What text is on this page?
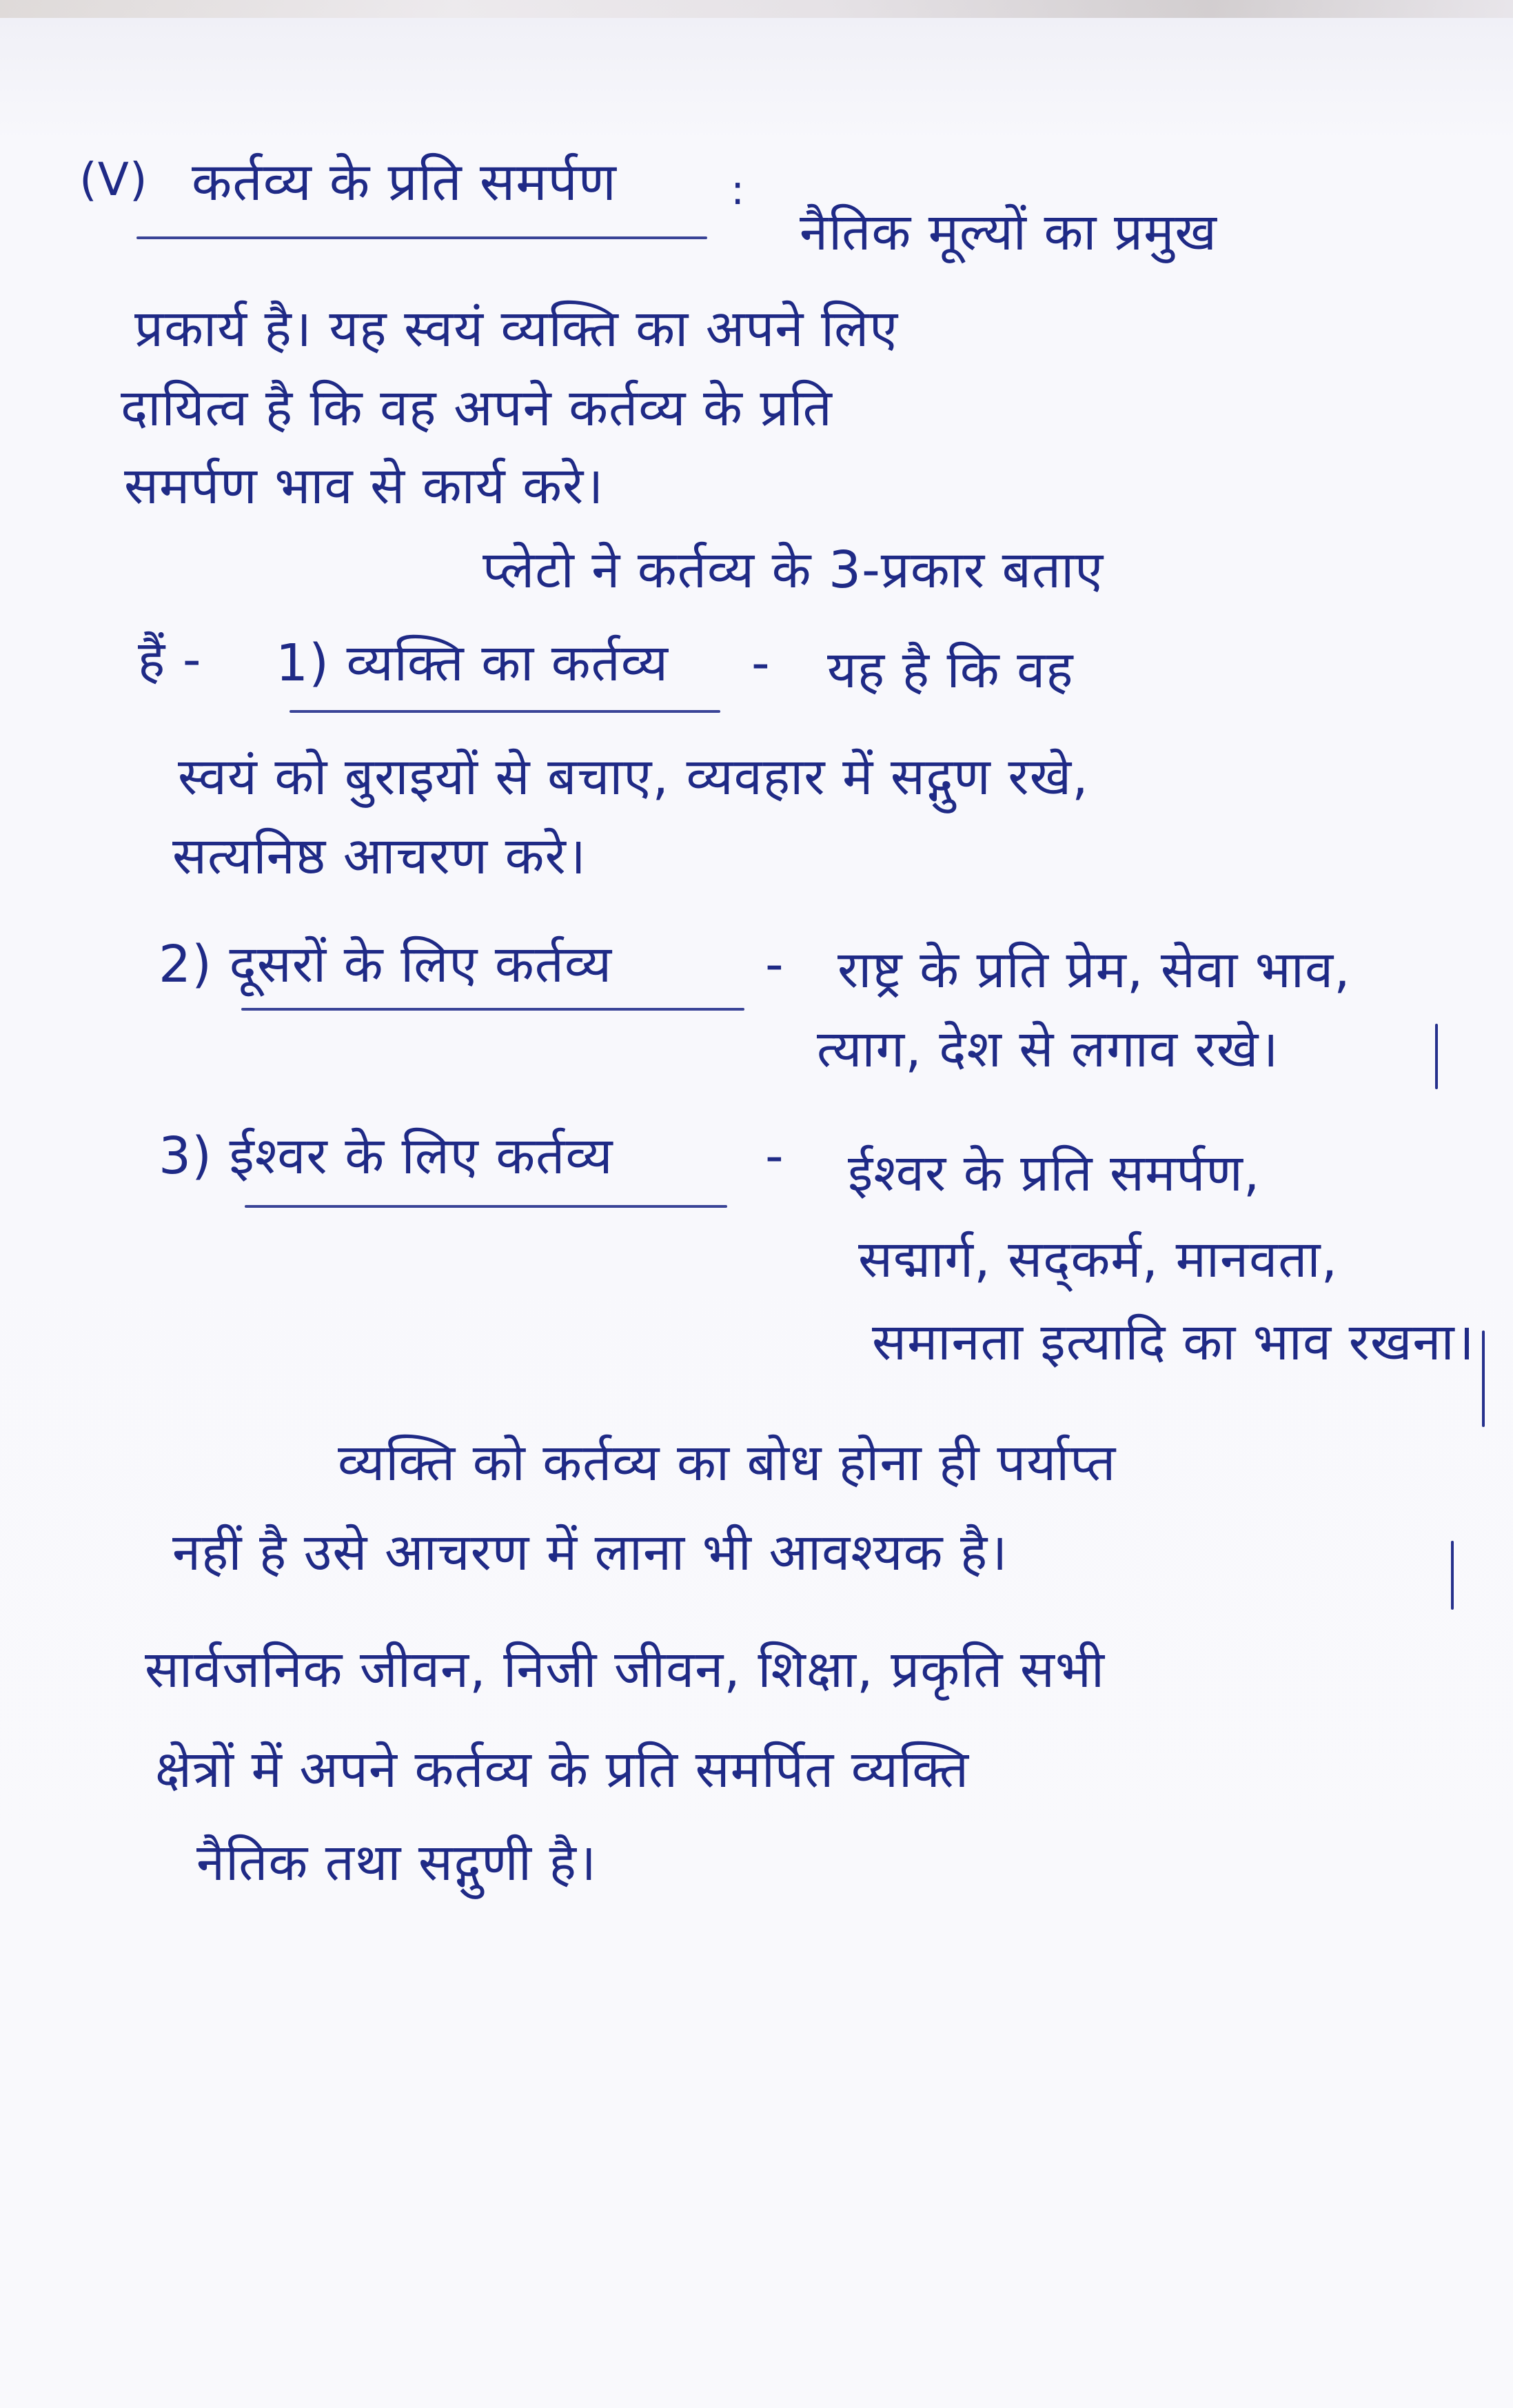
(V) कर्तव्य के प्रति समर्पण	:
नैतिक मूल्यों का प्रमुख
प्रकार्य है। यह स्वयं व्यक्ति का अपने लिए
दायित्व है कि वह अपने कर्तव्य के प्रति
समर्पण भाव से कार्य करे।
प्लेटो ने कर्तव्य के 3-प्रकार बताए
हैं - 1) व्यक्ति का कर्तव्य - यह है कि वह
स्वयं को बुराइयों से बचाए, व्यवहार में सद्गुण रखे,
सत्यनिष्ठ आचरण करे।
2) दूसरों के लिए कर्तव्य	- राष्ट्र के प्रति प्रेम, सेवा भाव,
त्याग, देश से लगाव रखे।
3) ईश्वर के लिए कर्तव्य	- ईश्वर के प्रति समर्पण,
सद्मार्ग, सद्कर्म, मानवता,
समानता इत्यादि का भाव रखना।
व्यक्ति को कर्तव्य का बोध होना ही पर्याप्त
नहीं है उसे आचरण में लाना भी आवश्यक है।
सार्वजनिक जीवन, निजी जीवन, शिक्षा, प्रकृति सभी
क्षेत्रों में अपने कर्तव्य के प्रति समर्पित व्यक्ति
नैतिक तथा सद्गुणी है।
